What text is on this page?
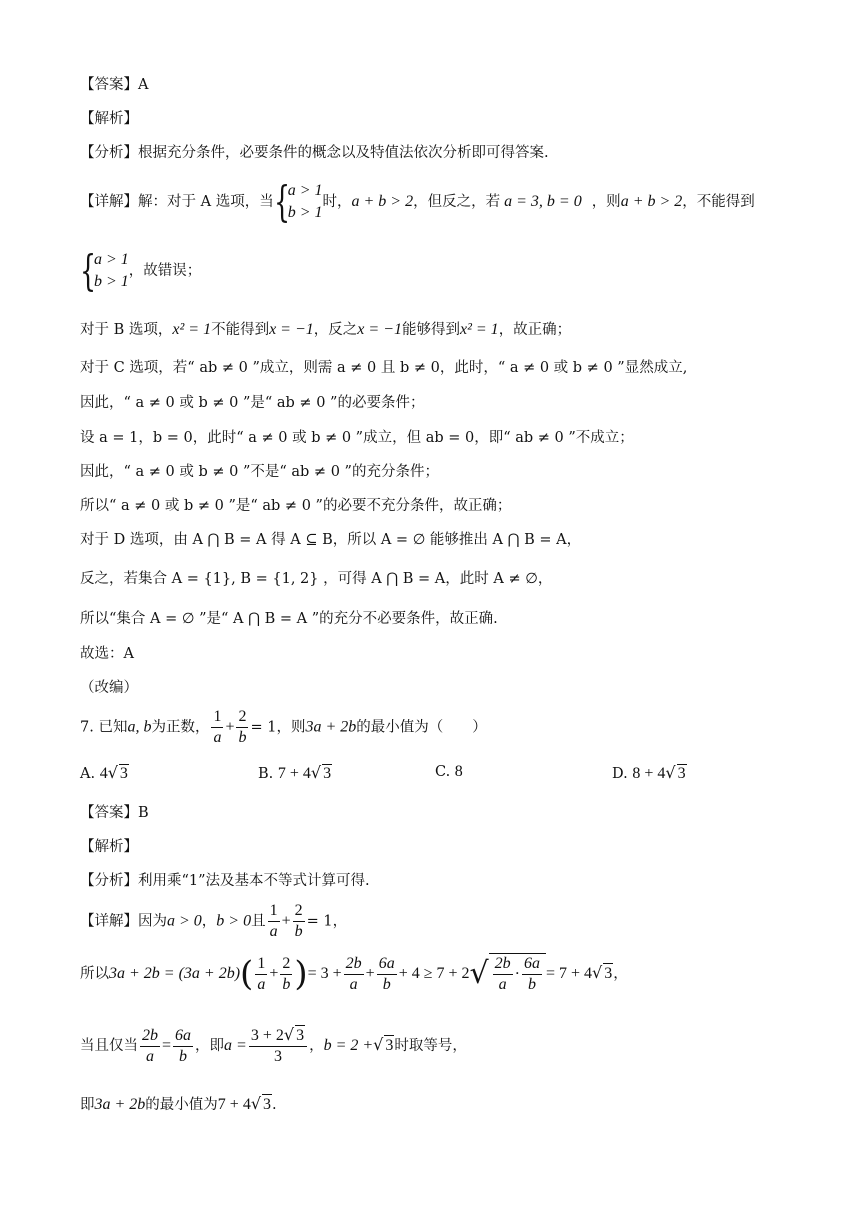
【答案】A
【解析】
【分析】根据充分条件，必要条件的概念以及特值法依次分析即可得答案.
【详解】解：对于 A 选项，当 {
a > 1
b > 1
时，a + b > 2，但反之，若 a = 3, b = 0 ，则a + b > 2，不能得到
{
a > 1
b > 1
，故错误；
对于 B 选项，x² = 1不能得到x = −1，反之x = −1能够得到x² = 1，故正确；
对于 C 选项，若“ ab ≠ 0 ”成立，则需 a ≠ 0 且 b ≠ 0，此时，“ a ≠ 0 或 b ≠ 0 ”显然成立,
因此，“ a ≠ 0 或 b ≠ 0 ”是“ ab ≠ 0 ”的必要条件；
设 a = 1，b = 0，此时“ a ≠ 0 或 b ≠ 0 ”成立，但 ab = 0，即“ ab ≠ 0 ”不成立；
因此，“ a ≠ 0 或 b ≠ 0 ”不是“ ab ≠ 0 ”的充分条件；
所以“ a ≠ 0 或 b ≠ 0 ”是“ ab ≠ 0 ”的必要不充分条件，故正确；
对于 D 选项，由 A ⋂ B = A 得 A ⊆ B，所以 A = ∅ 能够推出 A ⋂ B = A，
反之，若集合 A = {1}, B = {1, 2} ，可得 A ⋂ B = A，此时 A ≠ ∅，
所以“集合 A = ∅ ”是“ A ⋂ B = A ”的充分不必要条件，故正确.
故选：A
（改编）
7. 已知a, b为正数， $\frac{1}{a} + \frac{2}{b} = 1$，则3a + 2b的最小值为（　　）
A. 4√ 3	B. 7 + 4√ 3	C. 8	D. 8 + 4√ 3
【答案】B
【解析】
【分析】利用乘“1”法及基本不等式计算可得.
【详解】因为a > 0，b > 0且 $\frac{1}{a} + \frac{2}{b} = 1$，
所以$3a + 2b = (3a + 2b)( \frac{1}{a} + \frac{2}{b}$ )= $3 + \frac{2b}{a} + \frac{6a}{b} + 4 \ge 7 + 2√ \frac{2b}{a} \cdot \frac{6a}{b} = 7 + 4√$ 3，
当且仅当 $\frac{2b}{a} = \frac{6a}{b}$ ，即$a = \frac{3 + 2√ 3}{3}$ ，b = 2 +√ 3时取等号，
即3a + 2b的最小值为7 + 4√ 3.
